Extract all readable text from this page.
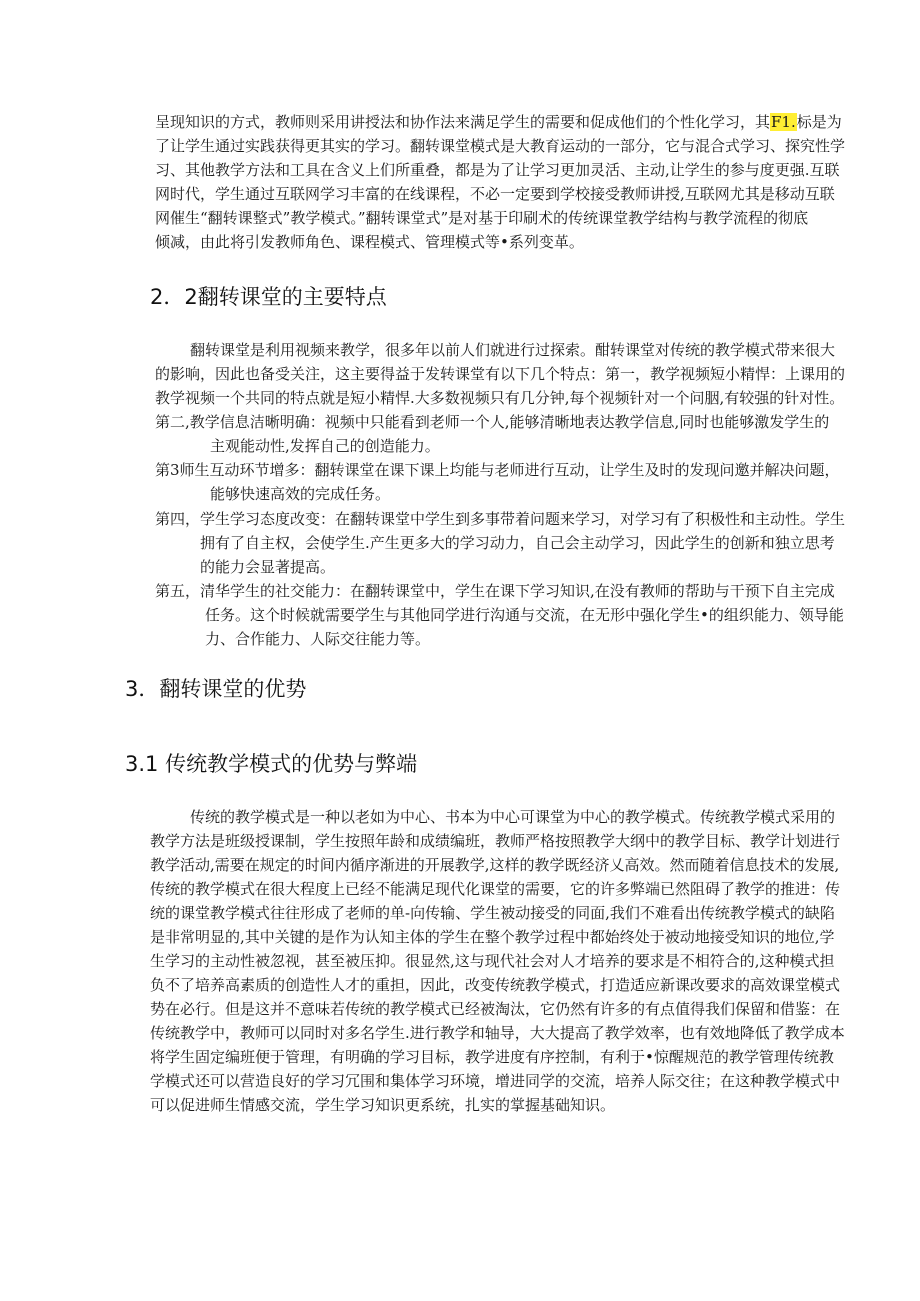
呈现知识的方式，教师则采用讲授法和协作法来满足学生的需要和促成他们的个性化学习，其F1.标是为
了让学生通过实践获得更其实的学习。翻转课堂模式是大教育运动的一部分，它与混合式学习、探究性学
习、其他教学方法和工具在含义上们所重叠，都是为了让学习更加灵活、主动,让学生的参与度更强.互联
网时代，学生通过互联网学习丰富的在线课程，不必一定要到学校接受教师讲授,互联网尤其是移动互联
网催生“翻转课整式”教学模式。”翻转课堂式”是对基于印刷术的传统课堂教学结构与教学流程的彻底
倾减，由此将引发教师角色、课程模式、管理模式等•系列变革。
2．2翻转课堂的主要特点
翻转课堂是利用视频来教学，很多年以前人们就进行过探索。酣转课堂对传统的教学模式带来很大
的影响，因此也备受关注，这主要得益于发转课堂有以下几个特点：第一，教学视频短小精悍：上课用的
教学视频一个共同的特点就是短小精悍.大多数视频只有几分钟,每个视频针对一个问胭,有较强的针对性。
第二,教学信息洁晰明确：视频中只能看到老师一个人,能够清晰地表达教学信息,同时也能够激发学生的
主观能动性,发挥自己的创造能力。
第3师生互动环节增多：翻转课堂在课下课上均能与老师进行互动，让学生及时的发现问邀并解决问题，
能够快速高效的完成任务。
第四，学生学习态度改变：在翻转课堂中学生到多事带着问题来学习，对学习有了积极性和主动性。学生
拥有了自主权，会使学生.产生更多大的学习动力，自己会主动学习，因此学生的创新和独立思考
的能力会显著提高。
第五，清华学生的社交能力：在翻转课堂中，学生在课下学习知识,在没有教师的帮助与干预下自主完成
任务。这个时候就需要学生与其他同学进行沟通与交流，在无形中强化学生•的组织能力、领导能
力、合作能力、人际交往能力等。
3．翻转课堂的优势
3.1 传统教学模式的优势与弊端
传统的教学模式是一种以老如为中心、书本为中心可课堂为中心的教学模式。传统教学模式采用的
教学方法是班级授课制，学生按照年龄和成绩编班，教师严格按照教学大纲中的教学目标、教学计划进行
教学活动,需要在规定的时间内循序渐进的开展教学,这样的教学既经济乂高效。然而随着信息技术的发展,
传统的教学模式在很大程度上已经不能满足现代化课堂的需要，它的许多弊端已然阻碍了教学的推进：传
统的课堂教学模式往往形成了老师的单-向传输、学生被动接受的同面,我们不难看出传统教学模式的缺陷
是非常明显的,其中关键的是作为认知主体的学生在整个教学过程中都始终处于被动地接受知识的地位,学
生学习的主动性被忽视，甚至被压抑。很显然,这与现代社会对人才培养的要求是不相符合的,这种模式担
负不了培养高素质的创造性人才的重担，因此，改变传统教学模式，打造适应新课改要求的高效课堂模式
势在必行。但是这并不意味若传统的教学模式已经被淘汰，它仍然有许多的有点值得我们保留和借鉴：在
传统教学中，教师可以同时对多名学生.进行教学和轴导，大大提高了教学效率，也有效地降低了教学成本
将学生固定编班便于管理，有明确的学习目标，教学进度有序控制，有利于•惊醒规范的教学管理传统教
学模式还可以营造良好的学习冗围和集体学习环境，增进同学的交流，培养人际交往；在这种教学模式中
可以促进师生情感交流，学生学习知识更系统，扎实的掌握基础知识。
